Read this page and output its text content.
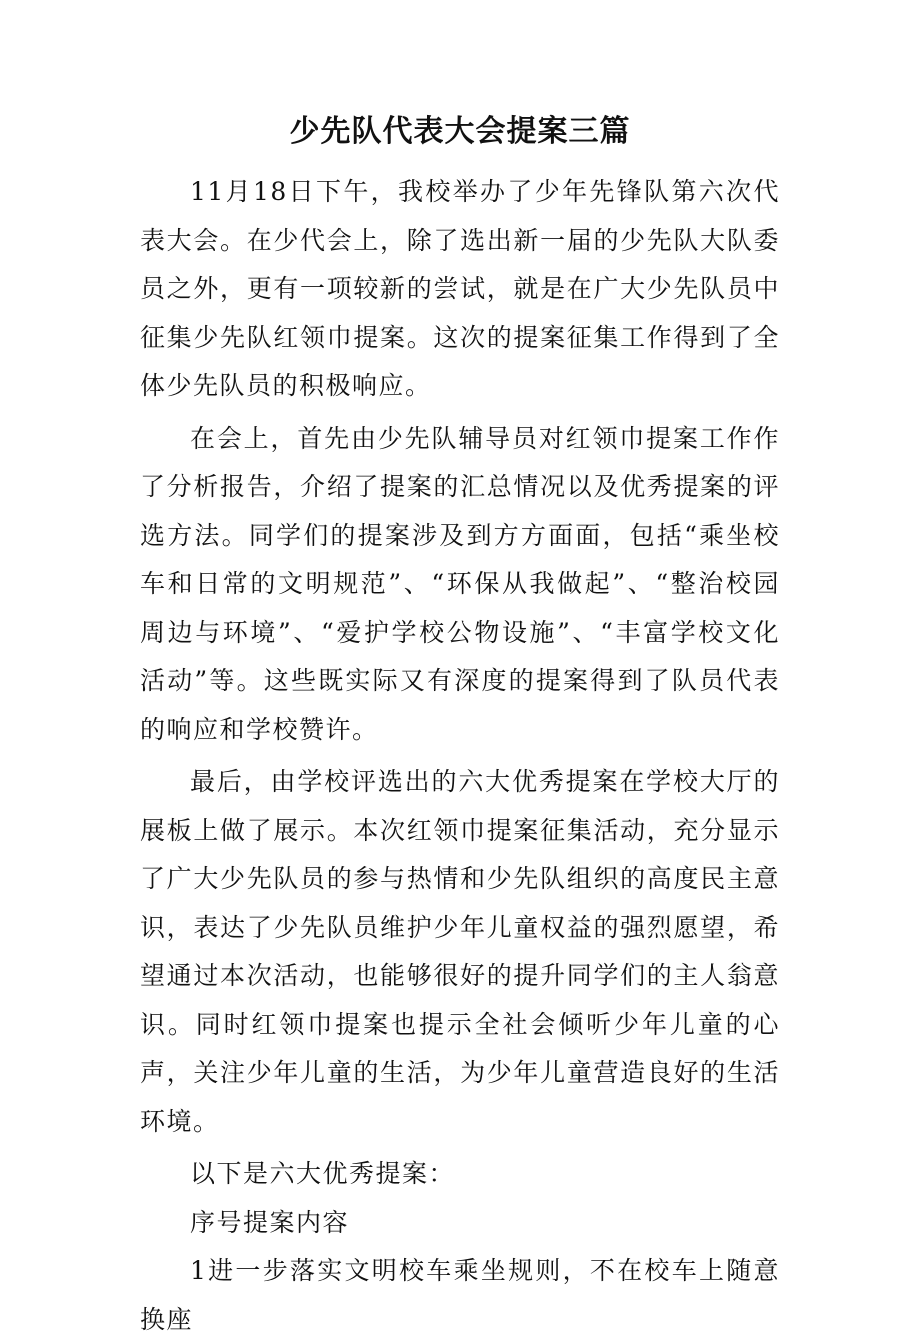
少先队代表大会提案三篇

11月18日下午，我校举办了少年先锋队第六次代表大会。在少代会上，除了选出新一届的少先队大队委员之外，更有一项较新的尝试，就是在广大少先队员中征集少先队红领巾提案。这次的提案征集工作得到了全体少先队员的积极响应。

在会上，首先由少先队辅导员对红领巾提案工作作了分析报告，介绍了提案的汇总情况以及优秀提案的评选方法。同学们的提案涉及到方方面面，包括“乘坐校车和日常的文明规范”、“环保从我做起”、“整治校园周边与环境”、“爱护学校公物设施”、“丰富学校文化活动”等。这些既实际又有深度的提案得到了队员代表的响应和学校赞许。

最后，由学校评选出的六大优秀提案在学校大厅的展板上做了展示。本次红领巾提案征集活动，充分显示了广大少先队员的参与热情和少先队组织的高度民主意识，表达了少先队员维护少年儿童权益的强烈愿望，希望通过本次活动，也能够很好的提升同学们的主人翁意识。同时红领巾提案也提示全社会倾听少年儿童的心声，关注少年儿童的生活，为少年儿童营造良好的生活环境。

以下是六大优秀提案：

序号提案内容

1进一步落实文明校车乘坐规则，不在校车上随意换座
